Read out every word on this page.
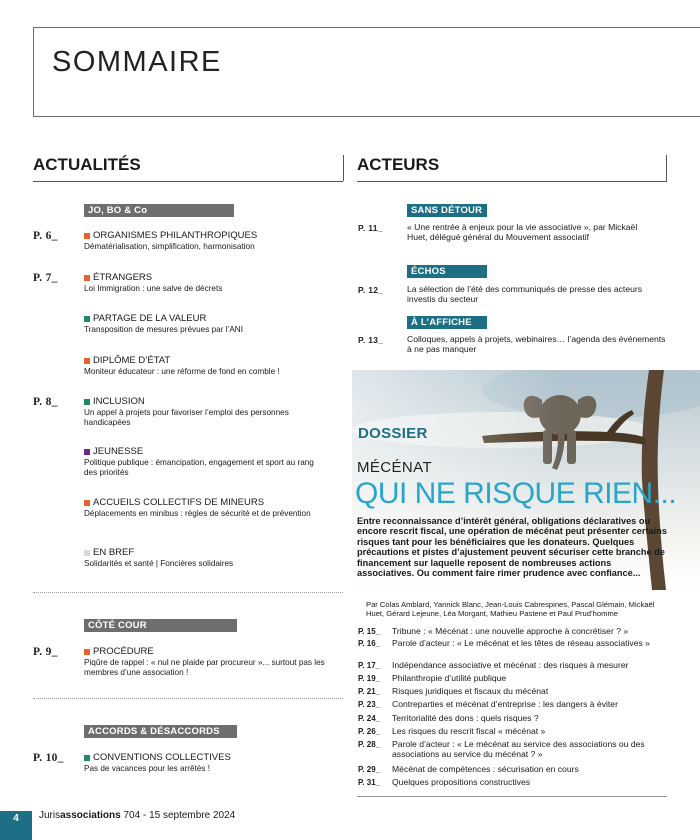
SOMMAIRE
ACTUALITÉS	ACTEURS
JO, BO & Co
P. 6_	ORGANISMES PHILANTHROPIQUES
Dématérialisation, simplification, harmonisation
P. 7_	ÉTRANGERS
Loi Immigration : une salve de décrets
PARTAGE DE LA VALEUR
Transposition de mesures prévues par l’ANI
DIPLÔME D’ÉTAT
Moniteur éducateur : une réforme de fond en comble !
P. 8_	INCLUSION
Un appel à projets pour favoriser l’emploi des personnes handicapées
JEUNESSE
Politique publique : émancipation, engagement et sport au rang des priorités
ACCUEILS COLLECTIFS DE MINEURS
Déplacements en minibus : règles de sécurité et de prévention
EN BREF
Solidarités et santé | Foncières solidaires
CÔTÉ COUR
P. 9_	PROCÉDURE
Piqûre de rappel : « nul ne plaide par procureur »... surtout pas les membres d’une association !
ACCORDS & DÉSACCORDS
P. 10_	CONVENTIONS COLLECTIVES
Pas de vacances pour les arrêtés !
SANS DÉTOUR
P. 11_	« Une rentrée à enjeux pour la vie associative », par Mickaël Huet, délégué général du Mouvement associatif
ÉCHOS
P. 12_	La sélection de l’été des communiqués de presse des acteurs investis du secteur
À L’AFFICHE
P. 13_	Colloques, appels à projets, webinaires… l’agenda des événements à ne pas manquer
DOSSIER
MÉCÉNAT
QUI NE RISQUE RIEN...
Entre reconnaissance d’intérêt général, obligations déclaratives ou encore rescrit fiscal, une opération de mécénat peut présenter certains risques tant pour les bénéficiaires que les donateurs. Quelques précautions et pistes d’ajustement peuvent sécuriser cette branche de financement sur laquelle reposent de nombreuses actions associatives. Ou comment faire rimer prudence avec confiance...
Par Colas Amblard, Yannick Blanc, Jean-Louis Cabrespines, Pascal Glémain, Mickaël Huet, Gérard Lejeune, Léa Morgant, Mathieu Pastene et Paul Prud’homme
P. 15_ Tribune : « Mécénat : une nouvelle approche à concrétiser ? »
P. 16_ Parole d’acteur : « Le mécénat et les têtes de réseau associatives »
P. 17_ Indépendance associative et mécénat : des risques à mesurer
P. 19_ Philanthropie d’utilité publique
P. 21_ Risques juridiques et fiscaux du mécénat
P. 23_ Contreparties et mécénat d’entreprise : les dangers à éviter
P. 24_ Territorialité des dons : quels risques ?
P. 26_ Les risques du rescrit fiscal « mécénat »
P. 28_ Parole d’acteur : « Le mécénat au service des associations ou des associations au service du mécénat ? »
P. 29_ Mécénat de compétences : sécurisation en cours
P. 31_ Quelques propositions constructives
4	Jurisassociations 704 - 15 septembre 2024
